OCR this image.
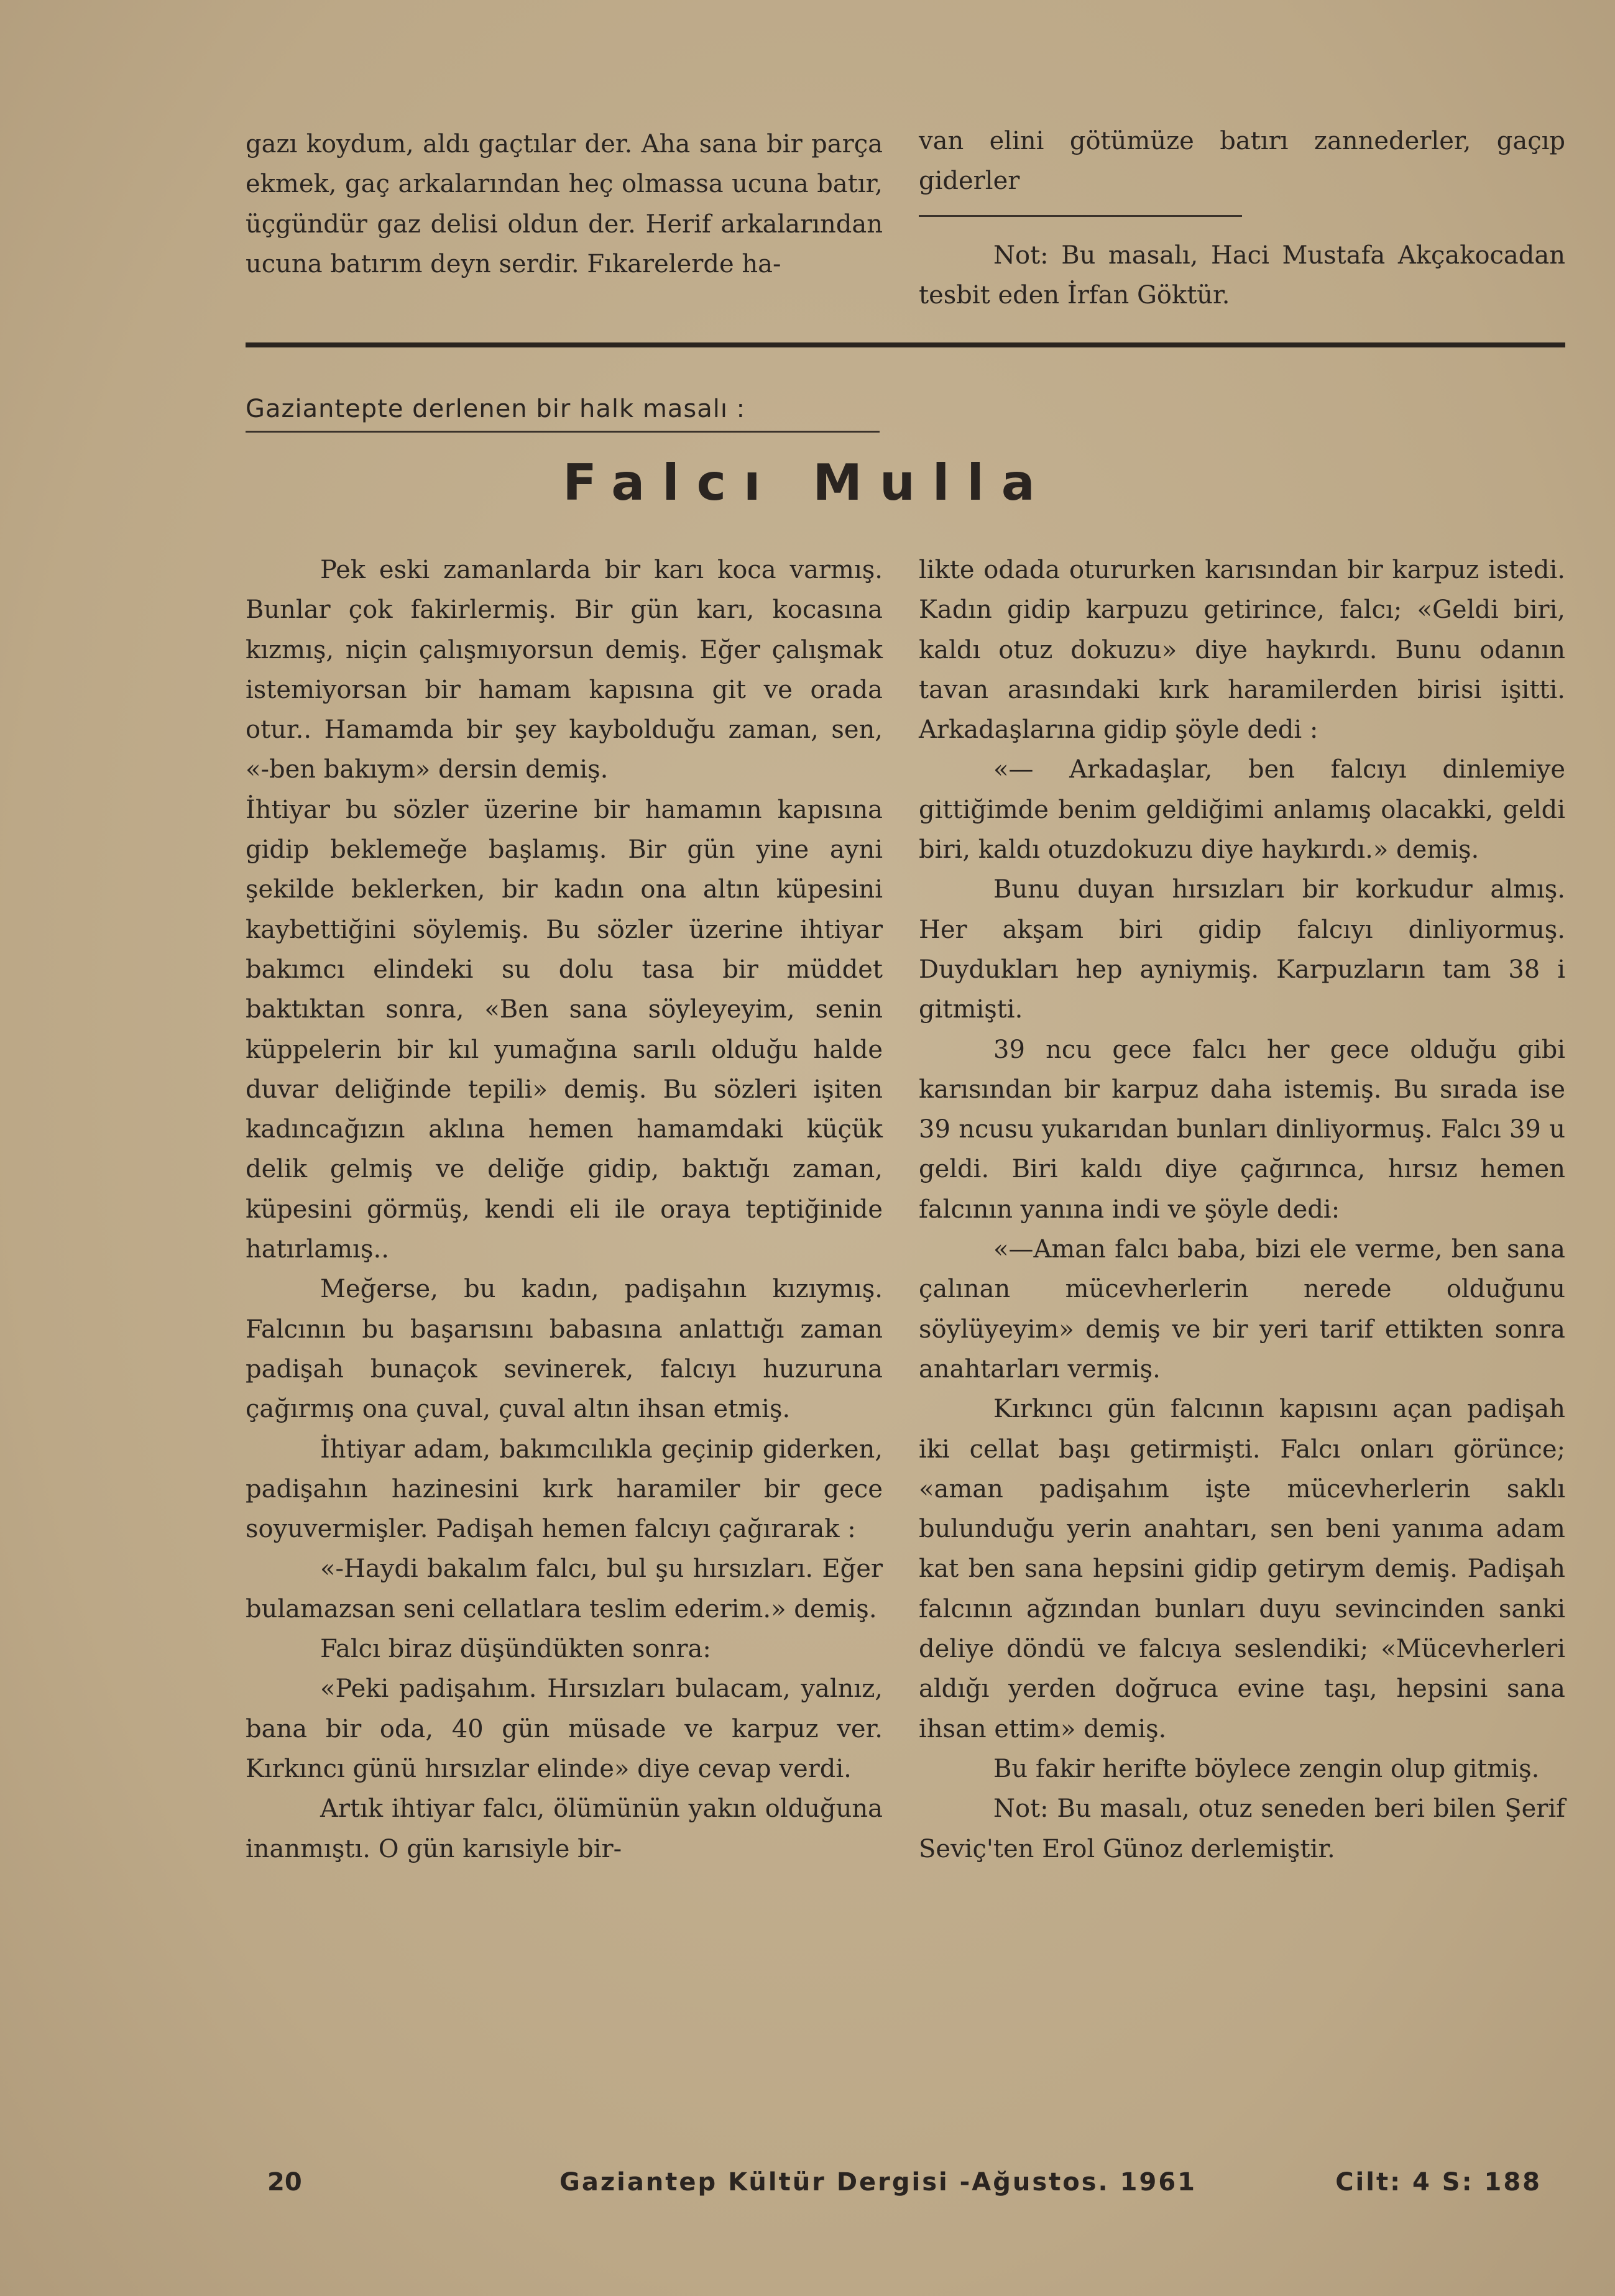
gazı koydum, aldı gaçtılar der. Aha sana bir parça ekmek, gaç arkalarından heç olmassa ucuna batır, üçgündür gaz delisi oldun der. Herif arkalarından ucuna batırım deyn serdir. Fıkarelerde ha-

van elini götümüze batırı zannederler, gaçıp giderler

Not: Bu masalı, Haci Mustafa Akçakocadan tesbit eden İrfan Göktür.

Gaziantepte derlenen bir halk masalı :
Falcı Mulla

Pek eski zamanlarda bir karı koca varmış. Bunlar çok fakirlermiş. Bir gün karı, kocasına kızmış, niçin çalışmıyorsun demiş. Eğer çalışmak istemiyorsan bir hamam kapısına git ve orada otur.. Hamamda bir şey kaybolduğu zaman, sen, «-ben bakıym» dersin demiş.

İhtiyar bu sözler üzerine bir hamamın kapısına gidip beklemeğe başlamış. Bir gün yine ayni şekilde beklerken, bir kadın ona altın küpesini kaybettiğini söylemiş. Bu sözler üzerine ihtiyar bakımcı elindeki su dolu tasa bir müddet baktıktan sonra, «Ben sana söyleyeyim, senin küppelerin bir kıl yumağına sarılı olduğu halde duvar deliğinde tepili» demiş. Bu sözleri işiten kadıncağızın aklına hemen hamamdaki küçük delik gelmiş ve deliğe gidip, baktığı zaman, küpesini görmüş, kendi eli ile oraya teptiğinide hatırlamış..

Meğerse, bu kadın, padişahın kızıymış. Falcının bu başarısını babasına anlattığı zaman padişah bunaçok sevinerek, falcıyı huzuruna çağırmış ona çuval, çuval altın ihsan etmiş.

İhtiyar adam, bakımcılıkla geçinip giderken, padişahın hazinesini kırk haramiler bir gece soyuvermişler. Padişah hemen falcıyı çağırarak :

«-Haydi bakalım falcı, bul şu hırsızları. Eğer bulamazsan seni cellatlara teslim ederim.» demiş.

Falcı biraz düşündükten sonra:

«Peki padişahım. Hırsızları bulacam, yalnız, bana bir oda, 40 gün müsade ve karpuz ver. Kırkıncı günü hırsızlar elinde» diye cevap verdi.

Artık ihtiyar falcı, ölümünün yakın olduğuna inanmıştı. O gün karısiyle bir-

likte odada otururken karısından bir karpuz istedi. Kadın gidip karpuzu getirince, falcı; «Geldi biri, kaldı otuz dokuzu» diye haykırdı. Bunu odanın tavan arasındaki kırk haramilerden birisi işitti. Arkadaşlarına gidip şöyle dedi :

«— Arkadaşlar, ben falcıyı dinlemiye gittiğimde benim geldiğimi anlamış olacakki, geldi biri, kaldı otuzdokuzu diye haykırdı.» demiş.

Bunu duyan hırsızları bir korkudur almış. Her akşam biri gidip falcıyı dinliyormuş. Duydukları hep ayniymiş. Karpuzların tam 38 i gitmişti.

39 ncu gece falcı her gece olduğu gibi karısından bir karpuz daha istemiş. Bu sırada ise 39 ncusu yukarıdan bunları dinliyormuş. Falcı 39 u geldi. Biri kaldı diye çağırınca, hırsız hemen falcının yanına indi ve şöyle dedi:

«—Aman falcı baba, bizi ele verme, ben sana çalınan mücevherlerin nerede olduğunu söylüyeyim» demiş ve bir yeri tarif ettikten sonra anahtarları vermiş.

Kırkıncı gün falcının kapısını açan padişah iki cellat başı getirmişti. Falcı onları görünce; «aman padişahım işte mücevherlerin saklı bulunduğu yerin anahtarı, sen beni yanıma adam kat ben sana hepsini gidip getirym demiş. Padişah falcının ağzından bunları duyu sevincinden sanki deliye döndü ve falcıya seslendiki; «Mücevherleri aldığı yerden doğruca evine taşı, hepsini sana ihsan ettim» demiş.

Bu fakir herifte böylece zengin olup gitmiş.

Not: Bu masalı, otuz seneden beri bilen Şerif Seviç'ten Erol Günoz derlemiştir.

20	Gaziantep Kültür Dergisi -Ağustos. 1961	Cilt: 4 S: 188
